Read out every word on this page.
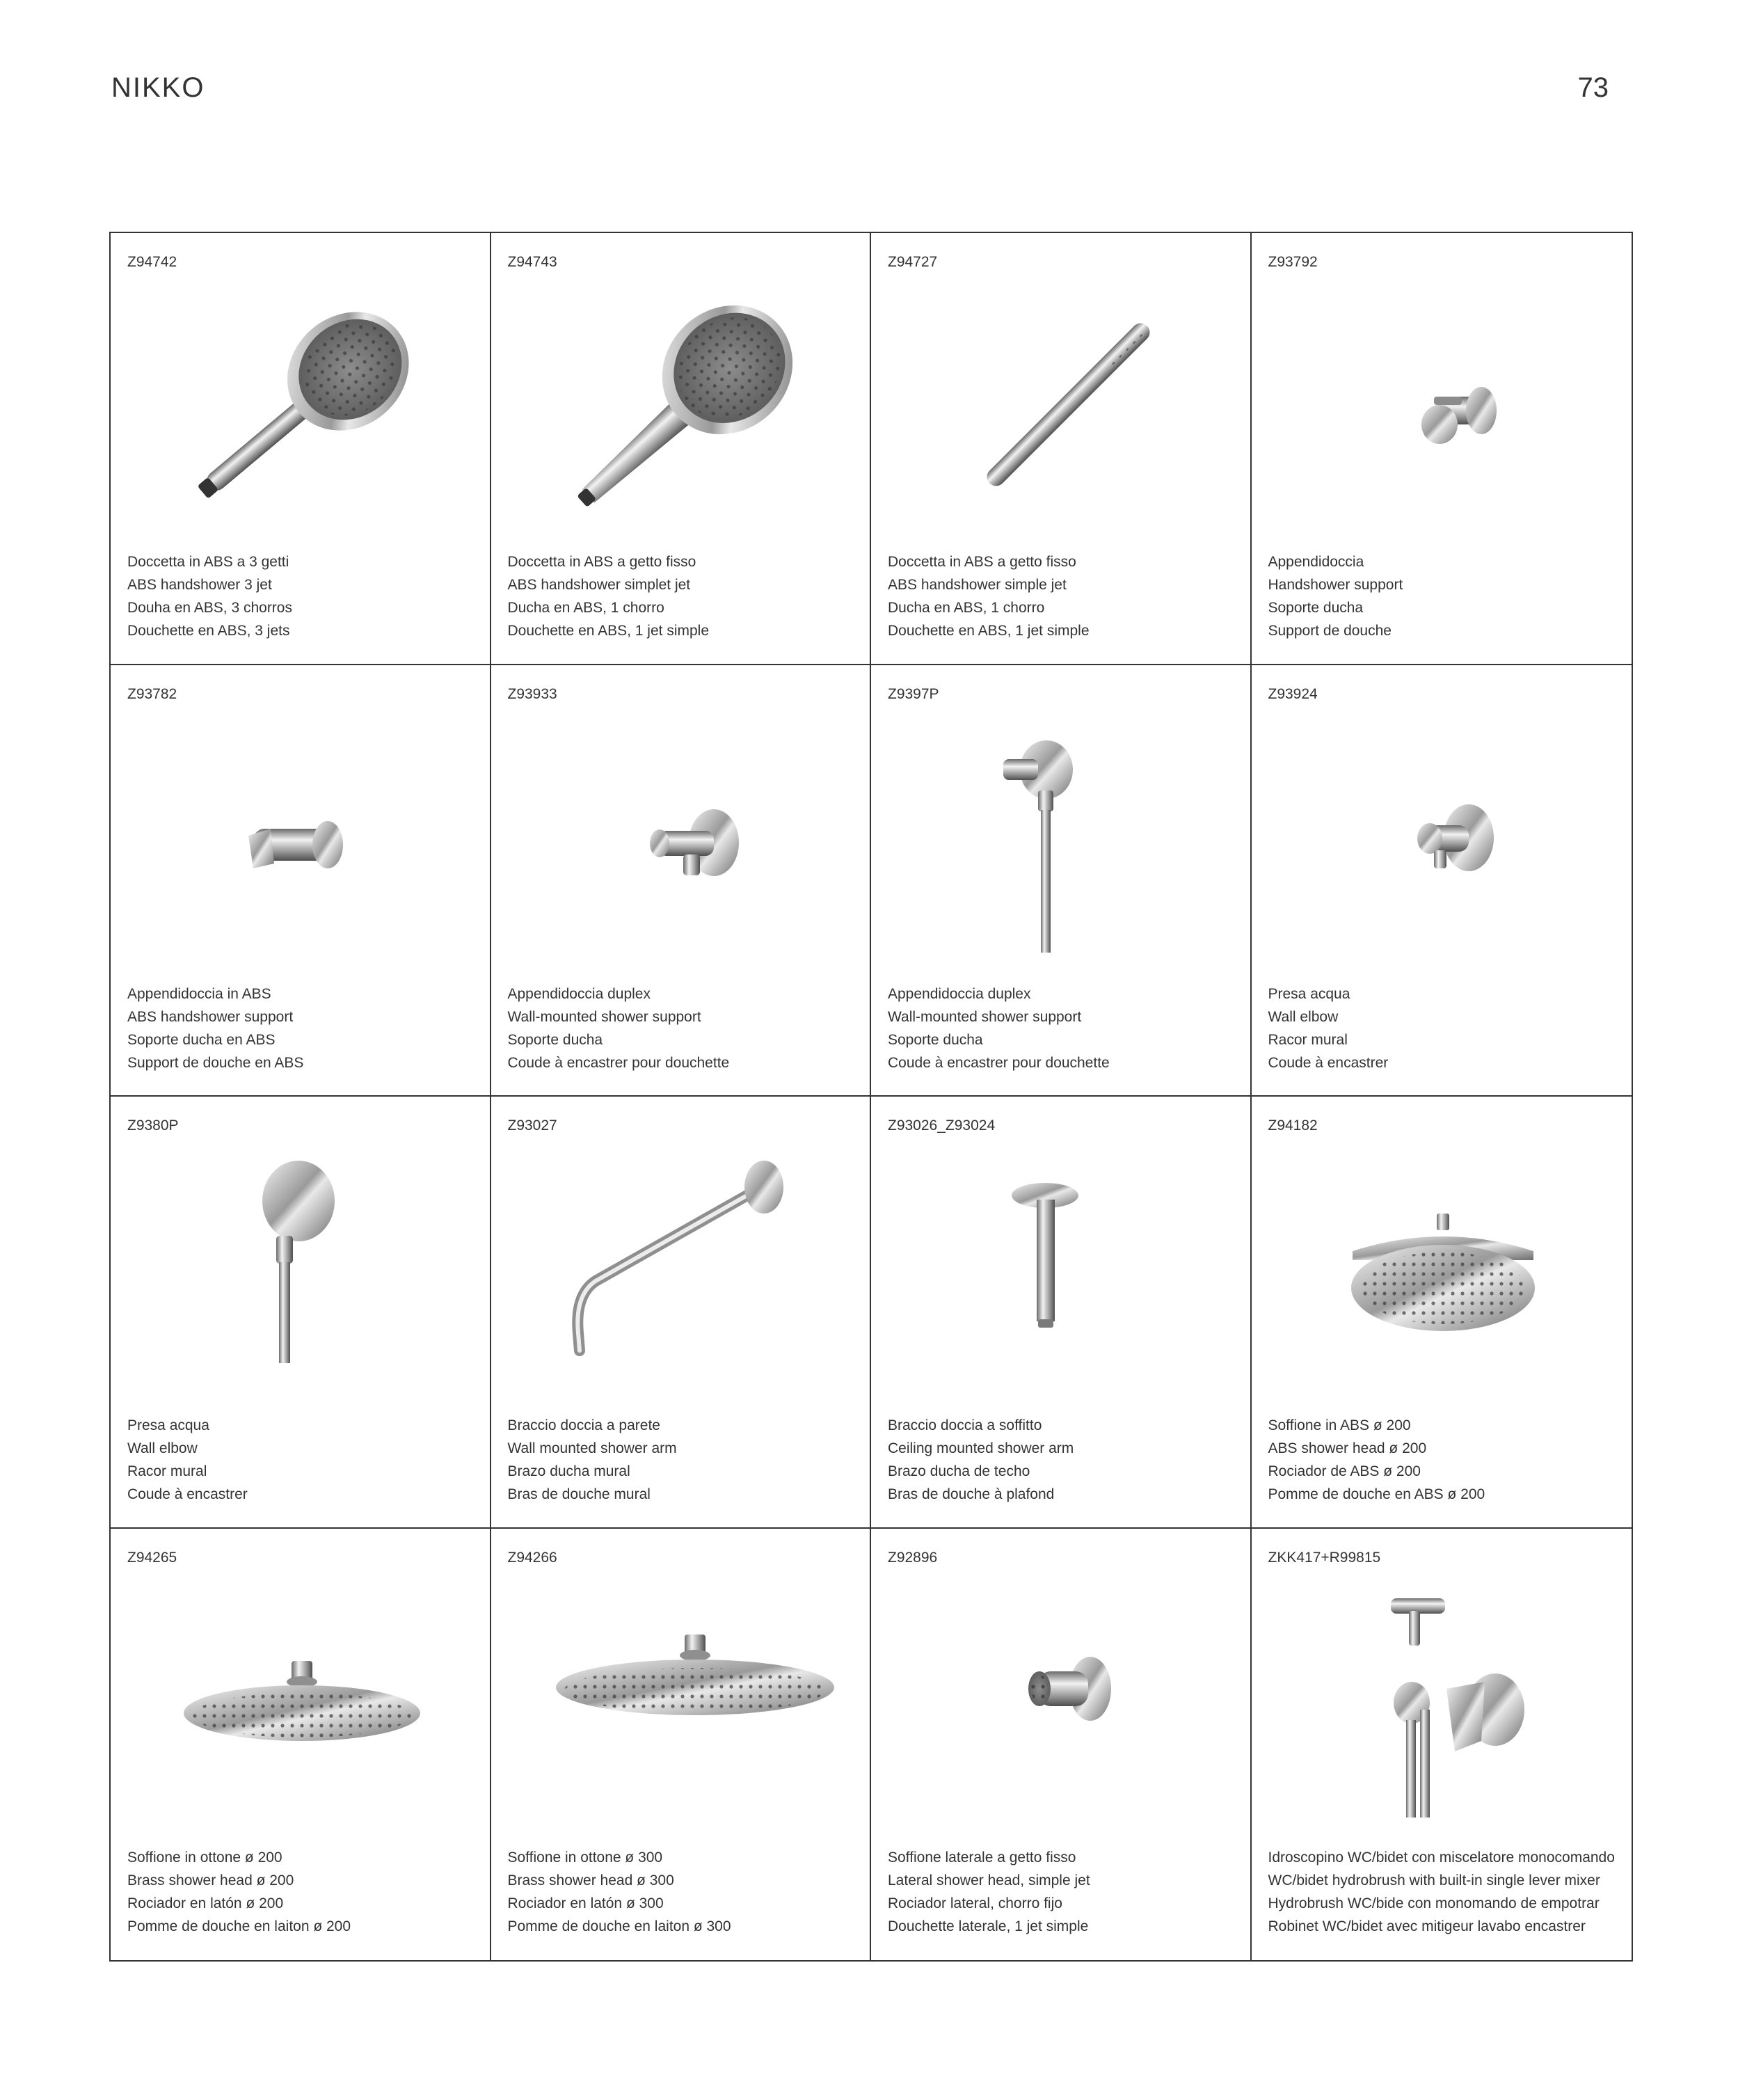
NIKKO	73
Z94742
Doccetta in ABS a 3 getti
ABS handshower 3 jet
Douha en ABS, 3 chorros
Douchette en ABS, 3 jets
Z94743
Doccetta in ABS a getto fisso
ABS handshower simplet jet
Ducha en ABS, 1 chorro
Douchette en ABS, 1 jet simple
Z94727
Doccetta in ABS a getto fisso
ABS handshower simple jet
Ducha en ABS, 1 chorro
Douchette en ABS, 1 jet simple
Z93792
Appendidoccia
Handshower support
Soporte ducha
Support de douche
Z93782
Appendidoccia in ABS
ABS handshower support
Soporte ducha en ABS
Support de douche en ABS
Z93933
Appendidoccia duplex
Wall-mounted shower support
Soporte ducha
Coude à encastrer pour douchette
Z9397P
Appendidoccia duplex
Wall-mounted shower support
Soporte ducha
Coude à encastrer pour douchette
Z93924
Presa acqua
Wall elbow
Racor mural
Coude à encastrer
Z9380P
Presa acqua
Wall elbow
Racor mural
Coude à encastrer
Z93027
Braccio doccia a parete
Wall mounted shower arm
Brazo ducha mural
Bras de douche mural
Z93026_Z93024
Braccio doccia a soffitto
Ceiling mounted shower arm
Brazo ducha de techo
Bras de douche à plafond
Z94182
Soffione in ABS ø 200
ABS shower head ø 200
Rociador de ABS ø 200
Pomme de douche en ABS ø 200
Z94265
Soffione in ottone ø 200
Brass shower head ø 200
Rociador en latón ø 200
Pomme de douche en laiton ø 200
Z94266
Soffione in ottone ø 300
Brass shower head ø 300
Rociador en latón ø 300
Pomme de douche en laiton ø 300
Z92896
Soffione laterale a getto fisso
Lateral shower head, simple jet
Rociador lateral, chorro fijo
Douchette laterale, 1 jet simple
ZKK417+R99815
Idroscopino WC/bidet con miscelatore monocomando
WC/bidet hydrobrush with built-in single lever mixer
Hydrobrush WC/bide con monomando de empotrar
Robinet WC/bidet avec mitigeur lavabo encastrer
